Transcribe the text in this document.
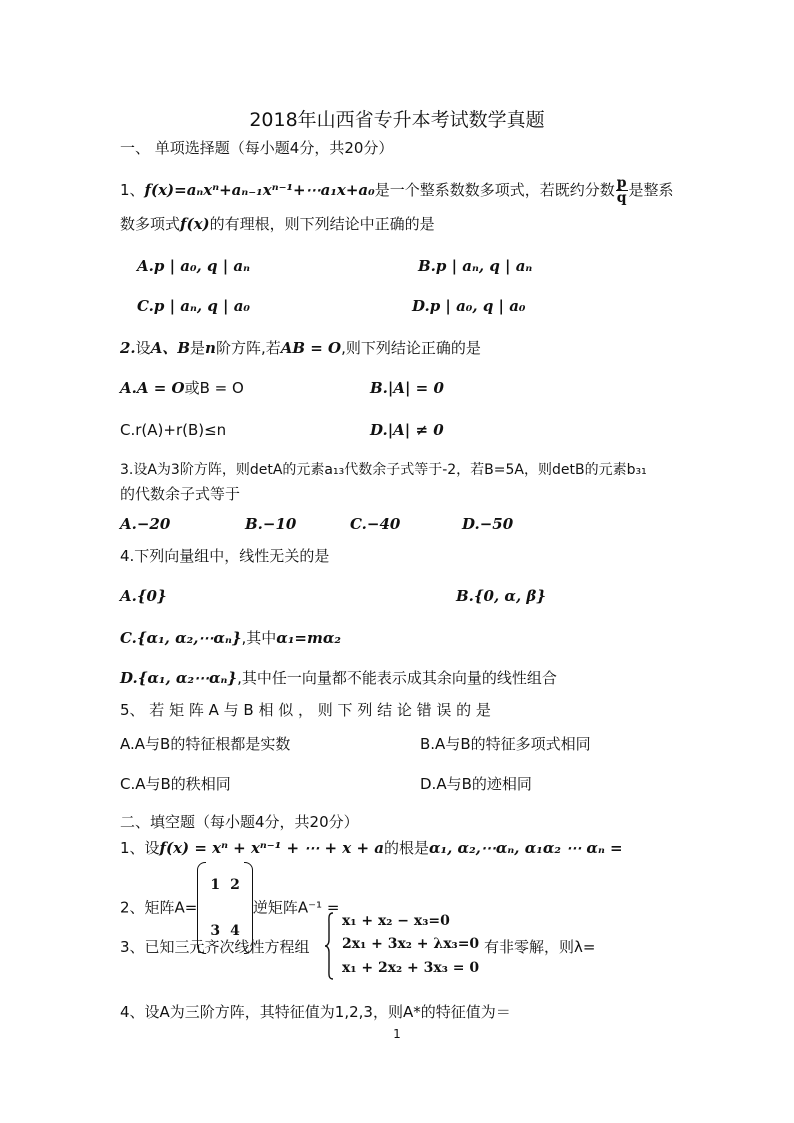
2018年山西省专升本考试数学真题
一、 单项选择题（每小题4分，共20分）
1、f(x)=aₙxⁿ+aₙ₋₁xⁿ⁻¹+⋯a₁x+a₀是一个整系数数多项式，若既约分数 $\frac{p}{q}$ 是整系
数多项式f(x)的有理根，则下列结论中正确的是
A.p | a₀, q | aₙ	B.p | aₙ, q | aₙ
C.p | aₙ, q | a₀	D.p | a₀, q | a₀
2.设A、B是n阶方阵,若AB = O,则下列结论正确的是
A.A = O或B = O	B.|A| = 0
C.r(A)+r(B)≤n	D.|A| ≠ 0
3.设A为3阶方阵，则detA的元素a₁₃代数余子式等于-2，若B=5A，则detB的元素b₃₁
的代数余子式等于
A.−20	B.−10	C.−40	D.−50
4.下列向量组中，线性无关的是
A.{0}	B.{0, α, β}
C.{α₁, α₂,⋯αₙ},其中α₁=mα₂
D.{α₁, α₂⋯αₙ},其中任一向量都不能表示成其余向量的线性组合
5、 若 矩 阵 A 与 B 相 似 ， 则 下 列 结 论 错 误 的 是
A.A与B的特征根都是实数	B.A与B的特征多项式相同
C.A与B的秩相同	D.A与B的迹相同
二、填空题（每小题4分，共20分）
1、设f(x) = xⁿ + xⁿ⁻¹ + ⋯ + x + a的根是α₁, α₂,⋯αₙ, α₁α₂ ⋯ αₙ =
2、矩阵A=
1	2
3	4
逆矩阵A⁻¹ =
3、已知三元齐次线性方程组
x₁ + x₂ − x₃=0
2x₁ + 3x₂ + λx₃=0
x₁ + 2x₂ + 3x₃ = 0
有非零解，则λ=
4、设A为三阶方阵，其特征值为1,2,3，则A*的特征值为＝
1
